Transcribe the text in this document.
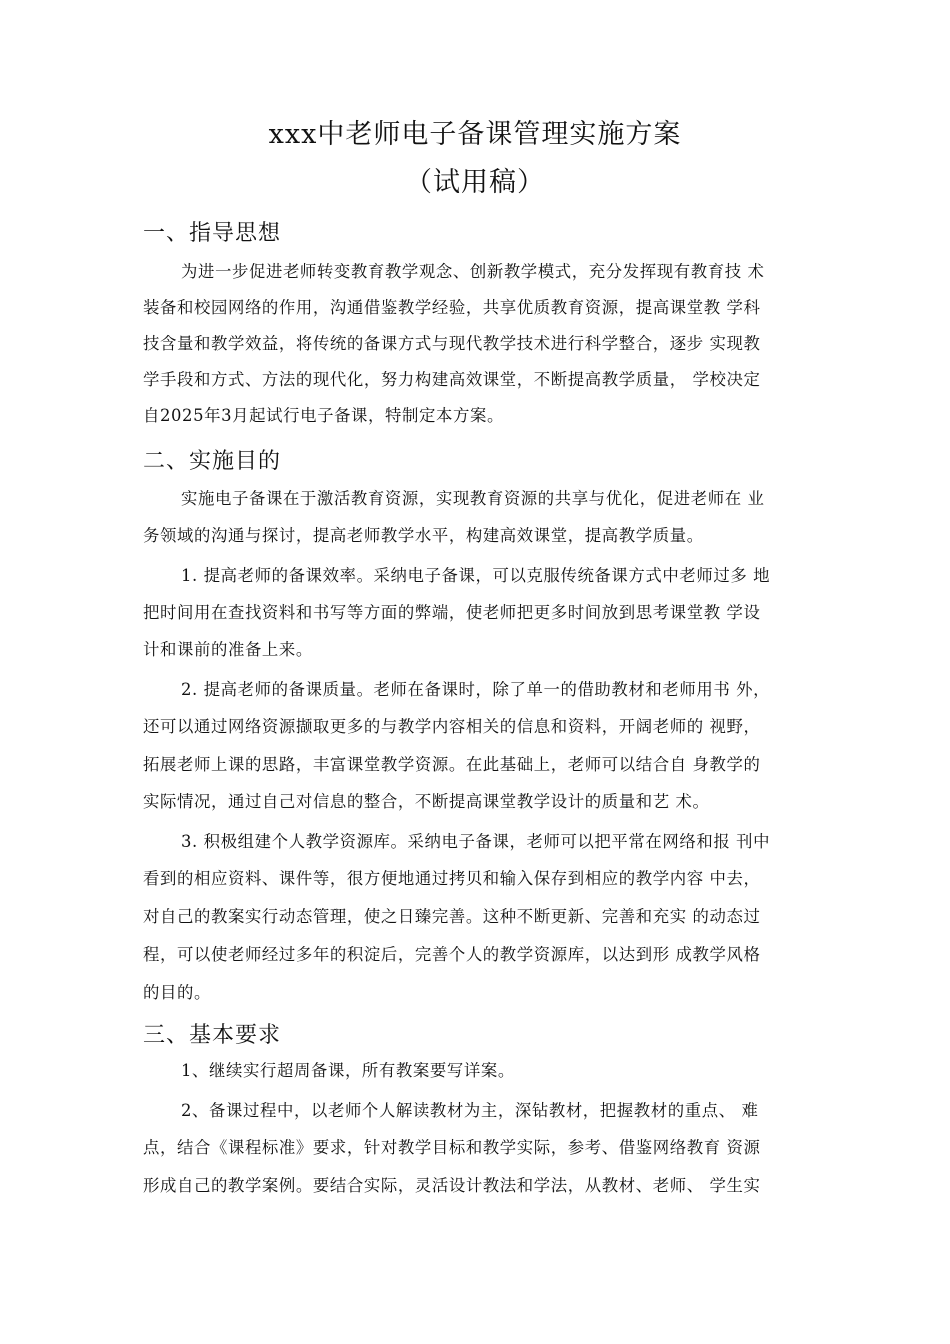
xxx中老师电子备课管理实施方案
（试用稿）
一、指导思想
为进一步促进老师转变教育教学观念、创新教学模式，充分发挥现有教育技 术
装备和校园网络的作用，沟通借鉴教学经验，共享优质教育资源，提高课堂教 学科
技含量和教学效益，将传统的备课方式与现代教学技术进行科学整合，逐步 实现教
学手段和方式、方法的现代化，努力构建高效课堂，不断提高教学质量， 学校决定
自2025年3月起试行电子备课，特制定本方案。
二、实施目的
实施电子备课在于激活教育资源，实现教育资源的共享与优化，促进老师在 业
务领域的沟通与探讨，提高老师教学水平，构建高效课堂，提高教学质量。
1. 提高老师的备课效率。采纳电子备课，可以克服传统备课方式中老师过多 地
把时间用在查找资料和书写等方面的弊端，使老师把更多时间放到思考课堂教 学设
计和课前的准备上来。
2. 提高老师的备课质量。老师在备课时，除了单一的借助教材和老师用书 外，
还可以通过网络资源撷取更多的与教学内容相关的信息和资料，开阔老师的 视野，
拓展老师上课的思路，丰富课堂教学资源。在此基础上，老师可以结合自 身教学的
实际情况，通过自己对信息的整合，不断提高课堂教学设计的质量和艺 术。
3. 积极组建个人教学资源库。采纳电子备课，老师可以把平常在网络和报 刊中
看到的相应资料、课件等，很方便地通过拷贝和输入保存到相应的教学内容 中去，
对自己的教案实行动态管理，使之日臻完善。这种不断更新、完善和充实 的动态过
程，可以使老师经过多年的积淀后，完善个人的教学资源库，以达到形 成教学风格
的目的。
三、基本要求
1、继续实行超周备课，所有教案要写详案。
2、备课过程中，以老师个人解读教材为主，深钻教材，把握教材的重点、 难
点，结合《课程标准》要求，针对教学目标和教学实际，参考、借鉴网络教育 资源
形成自己的教学案例。要结合实际，灵活设计教法和学法，从教材、老师、 学生实
